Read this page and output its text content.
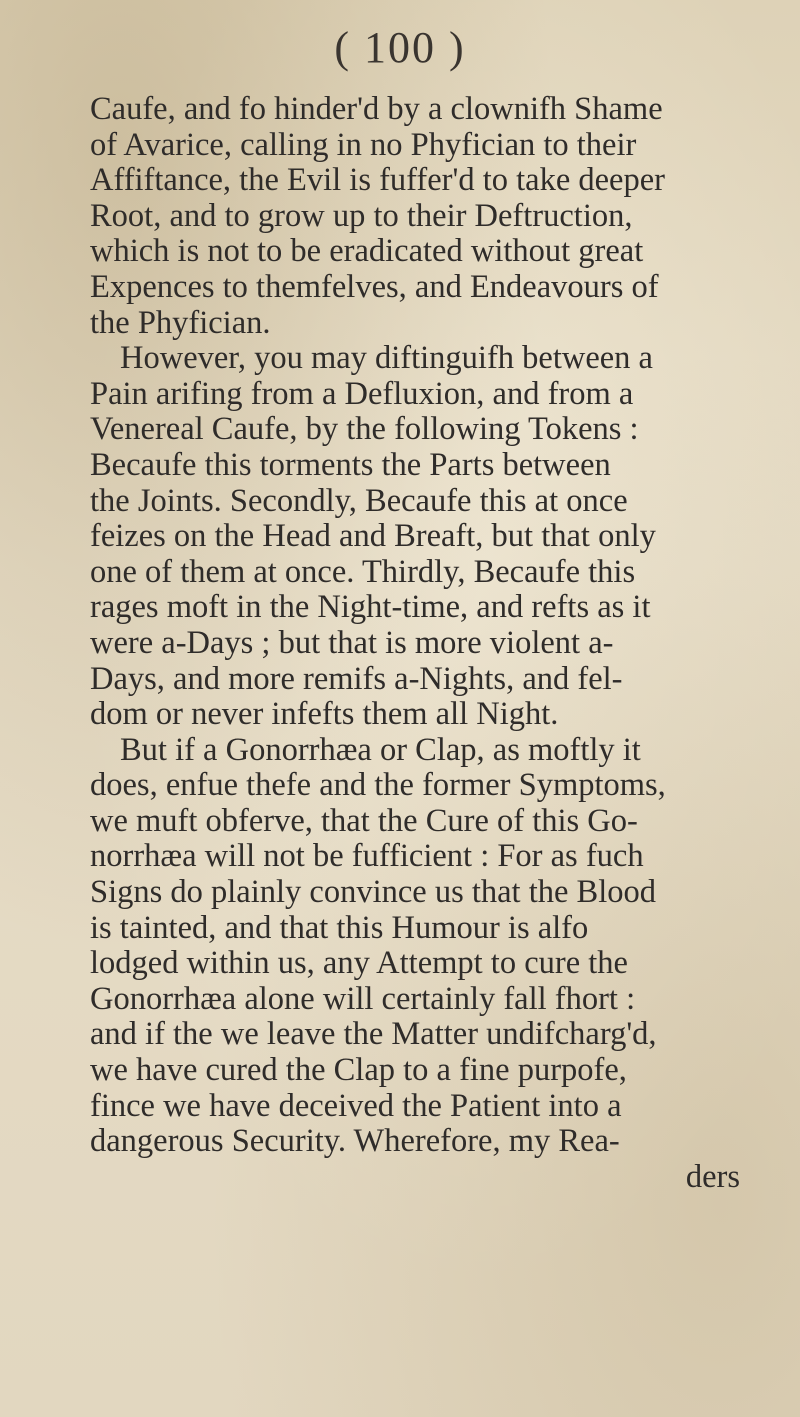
( 100 )
Caufe, and fo hinder'd by a clownifh Shame
of Avarice, calling in no Phyfician to their
Affiftance, the Evil is fuffer'd to take deeper
Root, and to grow up to their Deftruction,
which is not to be eradicated without great
Expences to themfelves, and Endeavours of
the Phyfician.
However, you may diftinguifh between a
Pain arifing from a Defluxion, and from a
Venereal Caufe, by the following Tokens :
Becaufe this torments the Parts between
the Joints. Secondly, Becaufe this at once
feizes on the Head and Breaft, but that only
one of them at once. Thirdly, Becaufe this
rages moft in the Night-time, and refts as it
were a-Days ; but that is more violent a-
Days, and more remifs a-Nights, and fel-
dom or never infefts them all Night.
But if a Gonorrhæa or Clap, as moftly it
does, enfue thefe and the former Symptoms,
we muft obferve, that the Cure of this Go-
norrhæa will not be fufficient : For as fuch
Signs do plainly convince us that the Blood
is tainted, and that this Humour is alfo
lodged within us, any Attempt to cure the
Gonorrhæa alone will certainly fall fhort :
and if the we leave the Matter undifcharg'd,
we have cured the Clap to a fine purpofe,
fince we have deceived the Patient into a
dangerous Security. Wherefore, my Rea-
ders
